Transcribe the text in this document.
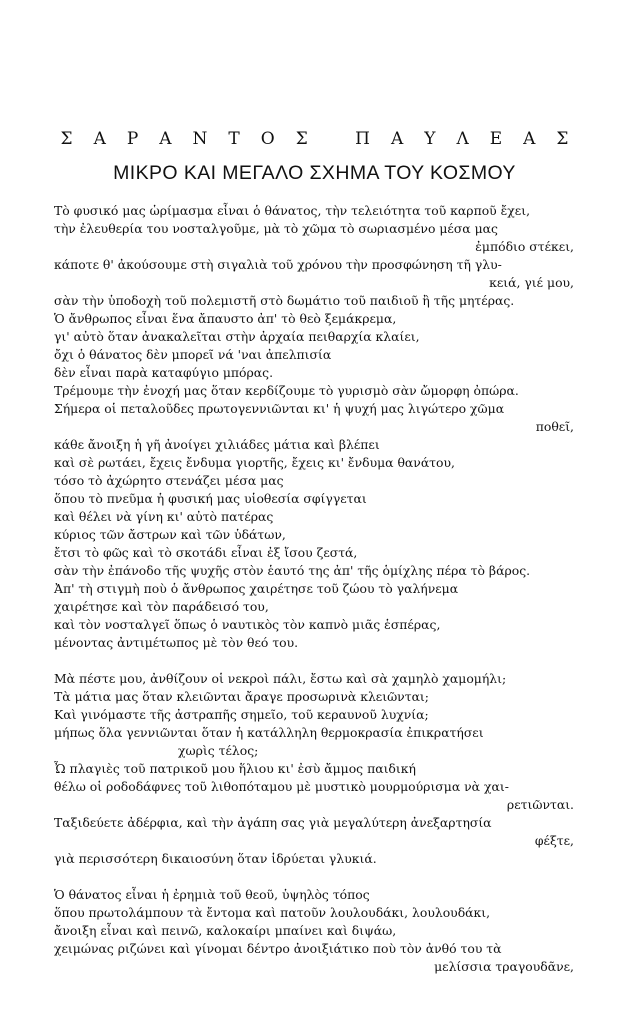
ΣΑΡΑΝΤΟΣ ΠΑΥΛΕΑΣ
ΜΙΚΡΟ ΚΑΙ ΜΕΓΑΛΟ ΣΧΗΜΑ ΤΟΥ ΚΟΣΜΟΥ
Τὸ φυσικό μας ὡρίμασμα εἶναι ὁ θάνατος, τὴν τελειότητα τοῦ καρποῦ ἔχει,
τὴν ἐλευθερία του νοσταλγοῦμε, μὰ τὸ χῶμα τὸ σωριασμένο μέσα μας
ἐμπόδιο στέκει,
κάποτε θ' ἀκούσουμε στὴ σιγαλιὰ τοῦ χρόνου τὴν προσφώνηση τῆ γλυ-
κειά, γιέ μου,
σὰν τὴν ὑποδοχὴ τοῦ πολεμιστῆ στὸ δωμάτιο τοῦ παιδιοῦ ἢ τῆς μητέρας.
Ὁ ἄνθρωπος εἶναι ἕνα ἄπαυστο ἀπ' τὸ θεὸ ξεμάκρεμα,
γι' αὐτὸ ὅταν ἀνακαλεῖται στὴν ἀρχαία πειθαρχία κλαίει,
ὄχι ὁ θάνατος δὲν μπορεῖ νά 'ναι ἀπελπισία
δὲν εἶναι παρὰ καταφύγιο μπόρας.
Τρέμουμε τὴν ἐνοχή μας ὅταν κερδίζουμε τὸ γυρισμὸ σὰν ὤμορφη ὀπώρα.
Σήμερα οἱ πεταλοῦδες πρωτογεννιῶνται κι' ἡ ψυχή μας λιγώτερο χῶμα
ποθεῖ,
κάθε ἄνοιξη ἡ γῆ ἀνοίγει χιλιάδες μάτια καὶ βλέπει
καὶ σὲ ρωτάει, ἔχεις ἔνδυμα γιορτῆς, ἔχεις κι' ἔνδυμα θανάτου,
τόσο τὸ ἀχώρητο στενάζει μέσα μας
ὅπου τὸ πνεῦμα ἡ φυσική μας υἱοθεσία σφίγγεται
καὶ θέλει νὰ γίνη κι' αὐτὸ πατέρας
κύριος τῶν ἄστρων καὶ τῶν ὑδάτων,
ἔτσι τὸ φῶς καὶ τὸ σκοτάδι εἶναι ἐξ ἴσου ζεστά,
σὰν τὴν ἐπάνοδο τῆς ψυχῆς στὸν ἑαυτό της ἀπ' τῆς ὁμίχλης πέρα τὸ βάρος.
Ἀπ' τὴ στιγμὴ ποὺ ὁ ἄνθρωπος χαιρέτησε τοῦ ζώου τὸ γαλήνεμα
χαιρέτησε καὶ τὸν παράδεισό του,
καὶ τὸν νοσταλγεῖ ὅπως ὁ ναυτικὸς τὸν καπνὸ μιᾶς ἑσπέρας,
μένοντας ἀντιμέτωπος μὲ τὸν θεό του.
Μὰ πέστε μου, ἀνθίζουν οἱ νεκροὶ πάλι, ἔστω καὶ σὰ χαμηλὸ χαμομήλι;
Τὰ μάτια μας ὅταν κλειῶνται ἄραγε προσωρινὰ κλειῶνται;
Καὶ γινόμαστε τῆς ἀστραπῆς σημεῖο, τοῦ κεραυνοῦ λυχνία;
μήπως ὅλα γεννιῶνται ὅταν ἡ κατάλληλη θερμοκρασία ἐπικρατήσει
χωρὶς τέλος;
Ὦ πλαγιὲς τοῦ πατρικοῦ μου ἥλιου κι' ἐσὺ ἄμμος παιδική
θέλω οἱ ροδοδάφνες τοῦ λιθοπόταμου μὲ μυστικὸ μουρμούρισμα νὰ χαι-
ρετιῶνται.
Ταξιδεύετε ἀδέρφια, καὶ τὴν ἀγάπη σας γιὰ μεγαλύτερη ἀνεξαρτησία
φέξτε,
γιὰ περισσότερη δικαιοσύνη ὅταν ἱδρύεται γλυκιά.
Ὁ θάνατος εἶναι ἡ ἐρημιὰ τοῦ θεοῦ, ὑψηλὸς τόπος
ὅπου πρωτολάμπουν τὰ ἔντομα καὶ πατοῦν λουλουδάκι, λουλουδάκι,
ἄνοιξη εἶναι καὶ πεινῶ, καλοκαίρι μπαίνει καὶ διψάω,
χειμώνας ριζώνει καὶ γίνομαι δέντρο ἀνοιξιάτικο ποὺ τὸν ἀνθό του τὰ
μελίσσια τραγουδᾶνε,
